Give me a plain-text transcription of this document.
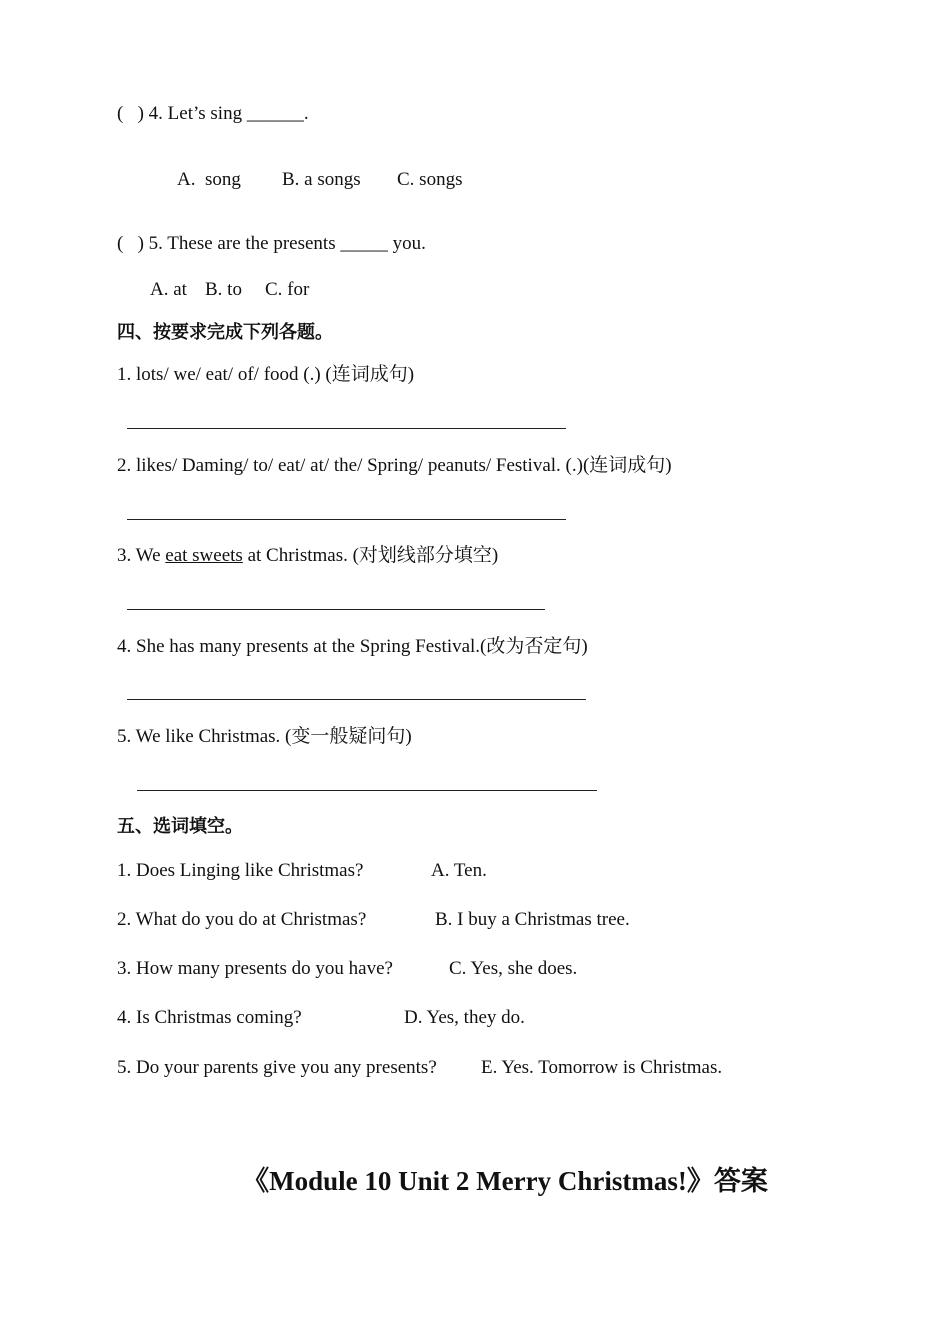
(   ) 4. Let’s sing ______.
A.  song B. a songs C. songs
(   ) 5. These are the presents _____ you.
A. at B. to C. for
四、按要求完成下列各题。
1. lots/ we/ eat/ of/ food (.) (连词成句)
2. likes/ Daming/ to/ eat/ at/ the/ Spring/ peanuts/ Festival. (.)(连词成句)
3. We eat sweets at Christmas. (对划线部分填空)
4. She has many presents at the Spring Festival.(改为否定句)
5. We like Christmas. (变一般疑问句)
五、选词填空。
1. Does Linging like Christmas?	A. Ten.
2. What do you do at Christmas?	B. I buy a Christmas tree.
3. How many presents do you have?	C. Yes, she does.
4. Is Christmas coming?	D. Yes, they do.
5. Do your parents give you any presents? E. Yes. Tomorrow is Christmas.
《Module 10 Unit 2 Merry Christmas!》答案
